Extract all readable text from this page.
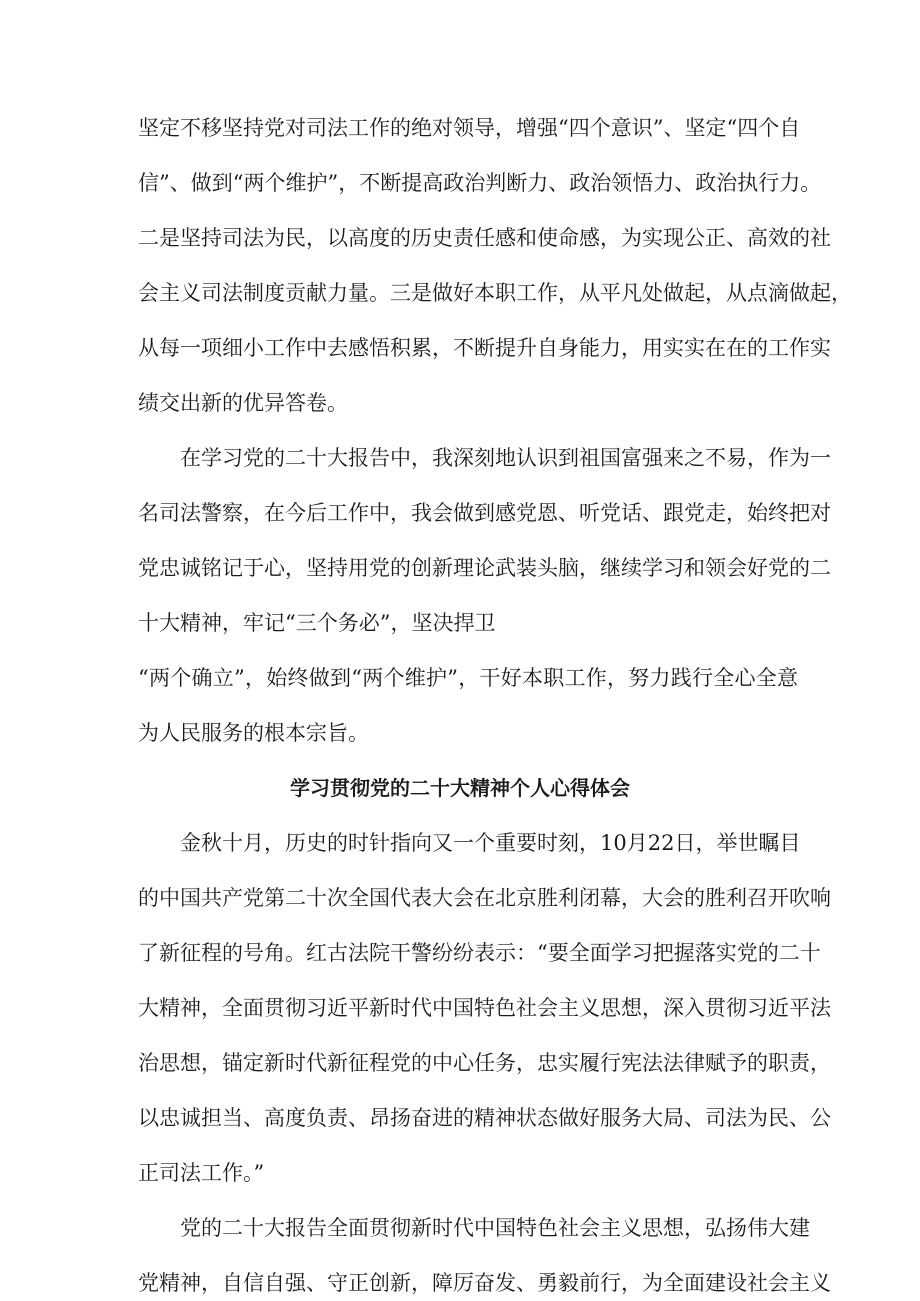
坚定不移坚持党对司法工作的绝对领导，增强“四个意识”、坚定“四个自
信”、做到“两个维护”，不断提高政治判断力、政治领悟力、政治执行力。
二是坚持司法为民，以高度的历史责任感和使命感，为实现公正、高效的社
会主义司法制度贡献力量。三是做好本职工作，从平凡处做起，从点滴做起，
从每一项细小工作中去感悟积累，不断提升自身能力，用实实在在的工作实
绩交出新的优异答卷。
在学习党的二十大报告中，我深刻地认识到祖国富强来之不易，作为一
名司法警察，在今后工作中，我会做到感党恩、听党话、跟党走，始终把对
党忠诚铭记于心，坚持用党的创新理论武装头脑，继续学习和领会好党的二
十大精神，牢记“三个务必”，坚决捍卫
“两个确立”，始终做到“两个维护”，干好本职工作，努力践行全心全意
为人民服务的根本宗旨。
学习贯彻党的二十大精神个人心得体会
金秋十月，历史的时针指向又一个重要时刻，10月22日，举世瞩目
的中国共产党第二十次全国代表大会在北京胜利闭幕，大会的胜利召开吹响
了新征程的号角。红古法院干警纷纷表示：“要全面学习把握落实党的二十
大精神，全面贯彻习近平新时代中国特色社会主义思想，深入贯彻习近平法
治思想，锚定新时代新征程党的中心任务，忠实履行宪法法律赋予的职责，
以忠诚担当、高度负责、昂扬奋进的精神状态做好服务大局、司法为民、公
正司法工作。”
党的二十大报告全面贯彻新时代中国特色社会主义思想，弘扬伟大建
党精神，自信自强、守正创新，障厉奋发、勇毅前行，为全面建设社会主义
